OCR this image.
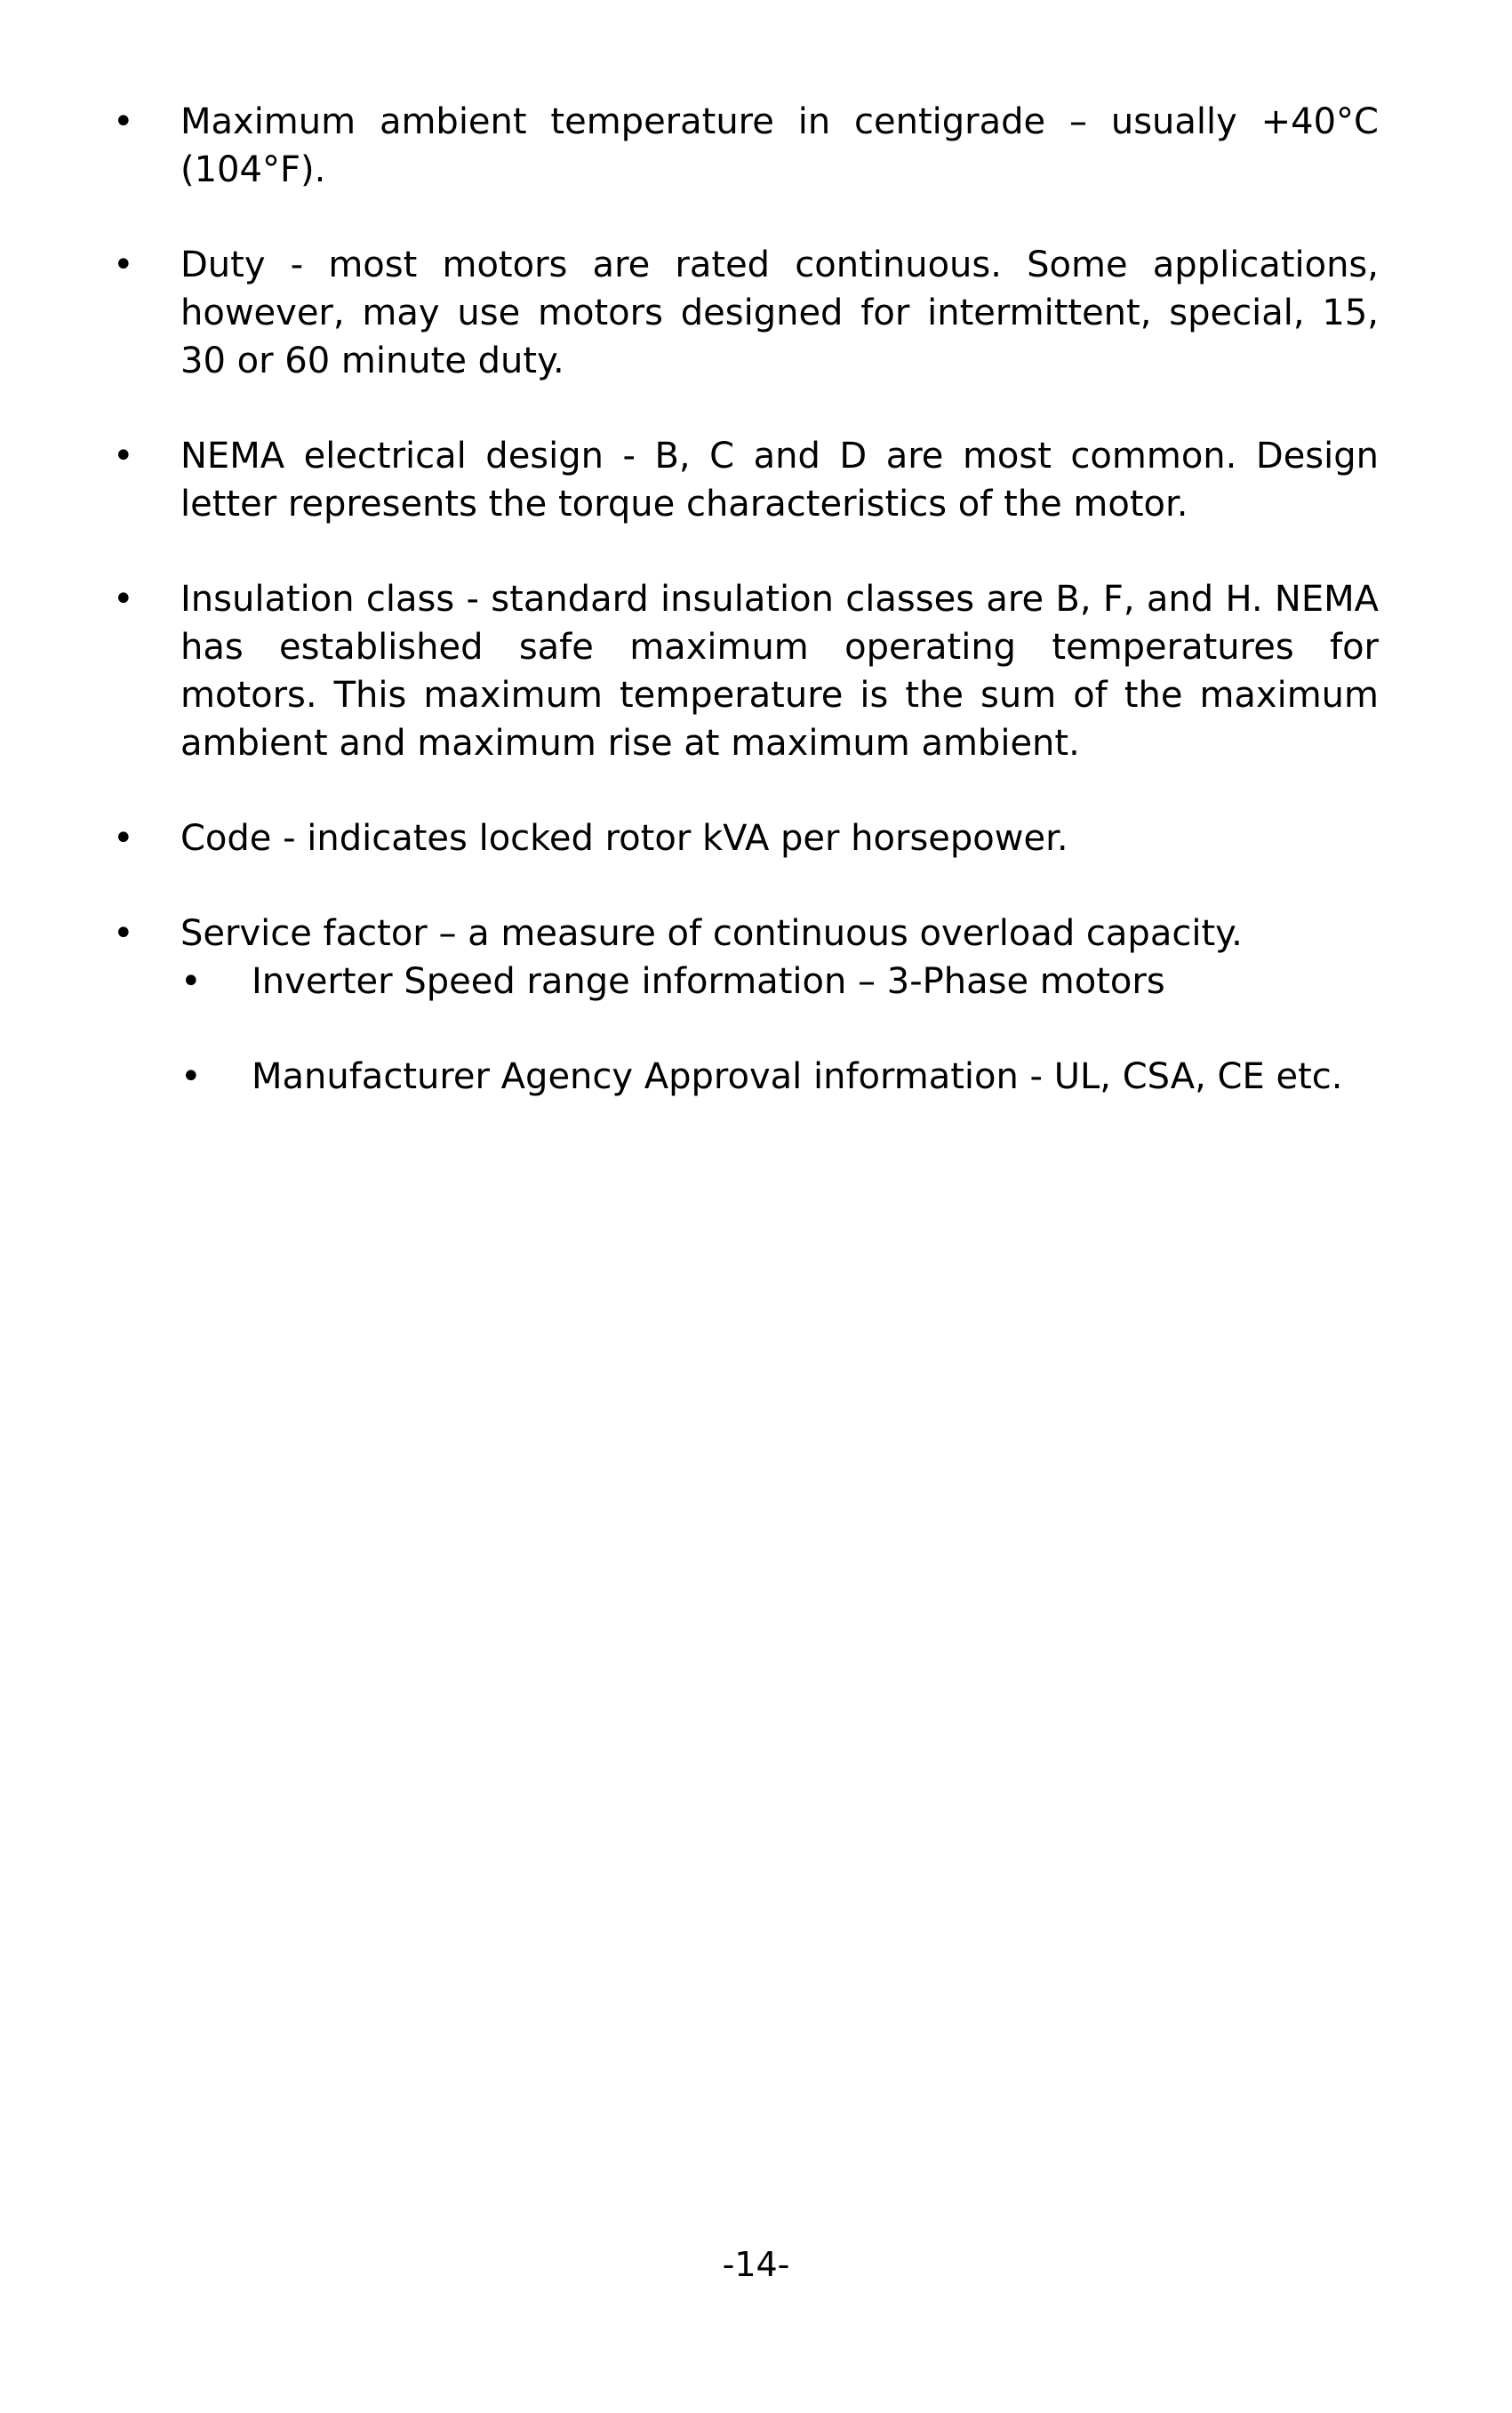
• Maximum ambient temperature in centigrade – usually +40°C (104°F).
• Duty - most motors are rated continuous. Some applications, however, may use motors designed for intermittent, special, 15, 30 or 60 minute duty.
• NEMA electrical design - B, C and D are most common. Design letter represents the torque characteristics of the motor.
• Insulation class - standard insulation classes are B, F, and H. NEMA has established safe maximum operating temperatures for motors. This maximum temperature is the sum of the maximum ambient and maximum rise at maximum ambient.
• Code - indicates locked rotor kVA per horsepower.
• Service factor – a measure of continuous overload capacity.
• Inverter Speed range information – 3-Phase motors
• Manufacturer Agency Approval information - UL, CSA, CE etc.
-14-
